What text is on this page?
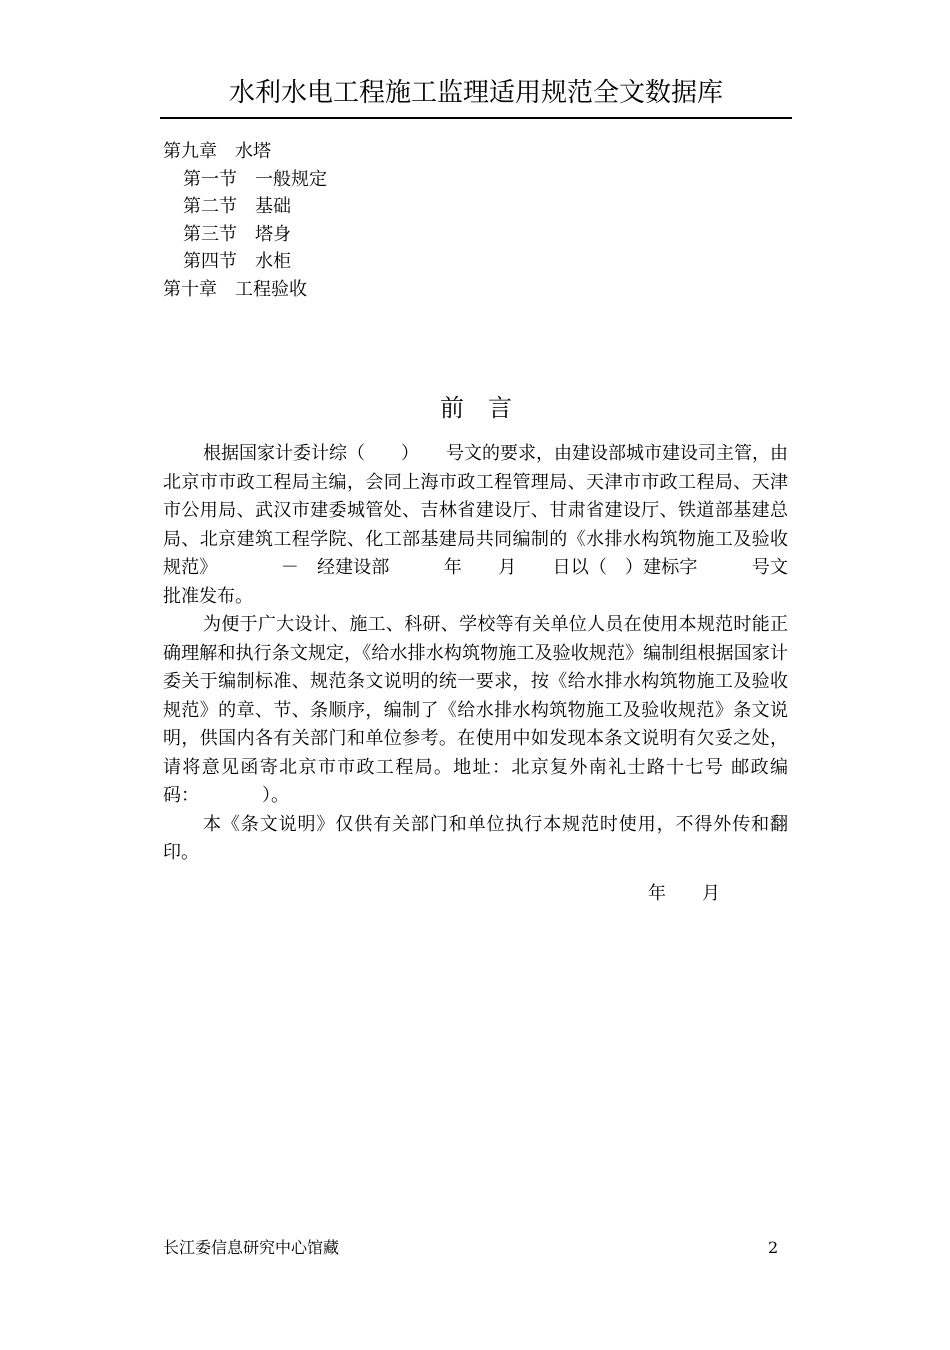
水利水电工程施工监理适用规范全文数据库
第九章　水塔
第一节　一般规定
第二节　基础
第三节　塔身
第四节　水柜
第十章　工程验收
前言

根据国家计委计综（　　）　　号文的要求，由建设部城市建设司主管，由北京市市政工程局主编，会同上海市政工程管理局、天津市市政工程局、天津市公用局、武汉市建委城管处、吉林省建设厅、甘肃省建设厅、铁道部基建总局、北京建筑工程学院、化工部基建局共同编制的《水排水构筑物施工及验收规范》　　　　－　经建设部　　　年　　月　　日以（　）建标字　　　号文批准发布。

为便于广大设计、施工、科研、学校等有关单位人员在使用本规范时能正确理解和执行条文规定，《给水排水构筑物施工及验收规范》编制组根据国家计委关于编制标准、规范条文说明的统一要求，按《给水排水构筑物施工及验收规范》的章、节、条顺序，编制了《给水排水构筑物施工及验收规范》条文说明，供国内各有关部门和单位参考。在使用中如发现本条文说明有欠妥之处，请将意见函寄北京市市政工程局。地址：北京复外南礼士路十七号 邮政编码：　　　　）。

本《条文说明》仅供有关部门和单位执行本规范时使用，不得外传和翻印。

年　　月
长江委信息研究中心馆藏	2
